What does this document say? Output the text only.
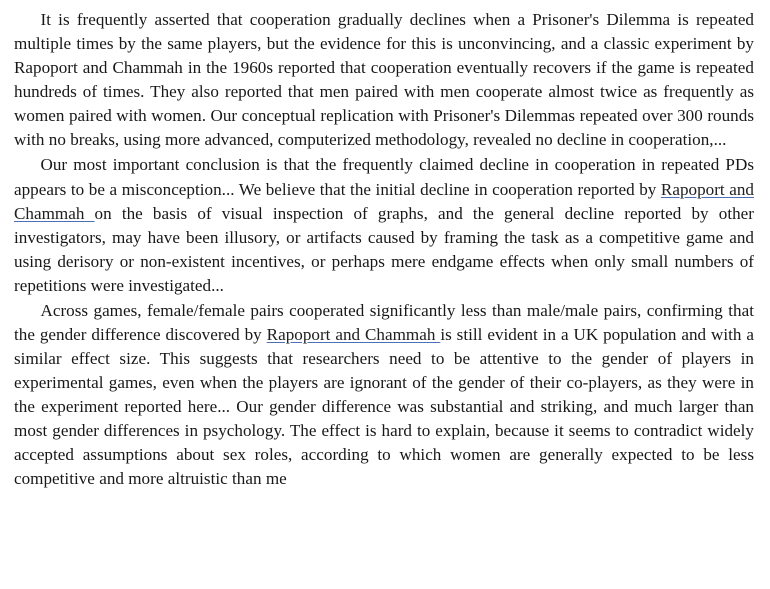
It is frequently asserted that cooperation gradually declines when a Prisoner's Dilemma is repeated multiple times by the same players, but the evidence for this is unconvincing, and a classic experiment by Rapoport and Chammah in the 1960s reported that cooperation eventually recovers if the game is repeated hundreds of times. They also reported that men paired with men cooperate almost twice as frequently as women paired with women. Our conceptual replication with Prisoner's Dilemmas repeated over 300 rounds with no breaks, using more advanced, computerized methodology, revealed no decline in cooperation,...

Our most important conclusion is that the frequently claimed decline in cooperation in repeated PDs appears to be a misconception... We believe that the initial decline in cooperation reported by Rapoport and Chammah on the basis of visual inspection of graphs, and the general decline reported by other investigators, may have been illusory, or artifacts caused by framing the task as a competitive game and using derisory or non-existent incentives, or perhaps mere endgame effects when only small numbers of repetitions were investigated...

Across games, female/female pairs cooperated significantly less than male/male pairs, confirming that the gender difference discovered by Rapoport and Chammah is still evident in a UK population and with a similar effect size. This suggests that researchers need to be attentive to the gender of players in experimental games, even when the players are ignorant of the gender of their co-players, as they were in the experiment reported here... Our gender difference was substantial and striking, and much larger than most gender differences in psychology. The effect is hard to explain, because it seems to contradict widely accepted assumptions about sex roles, according to which women are generally expected to be less competitive and more altruistic than me
